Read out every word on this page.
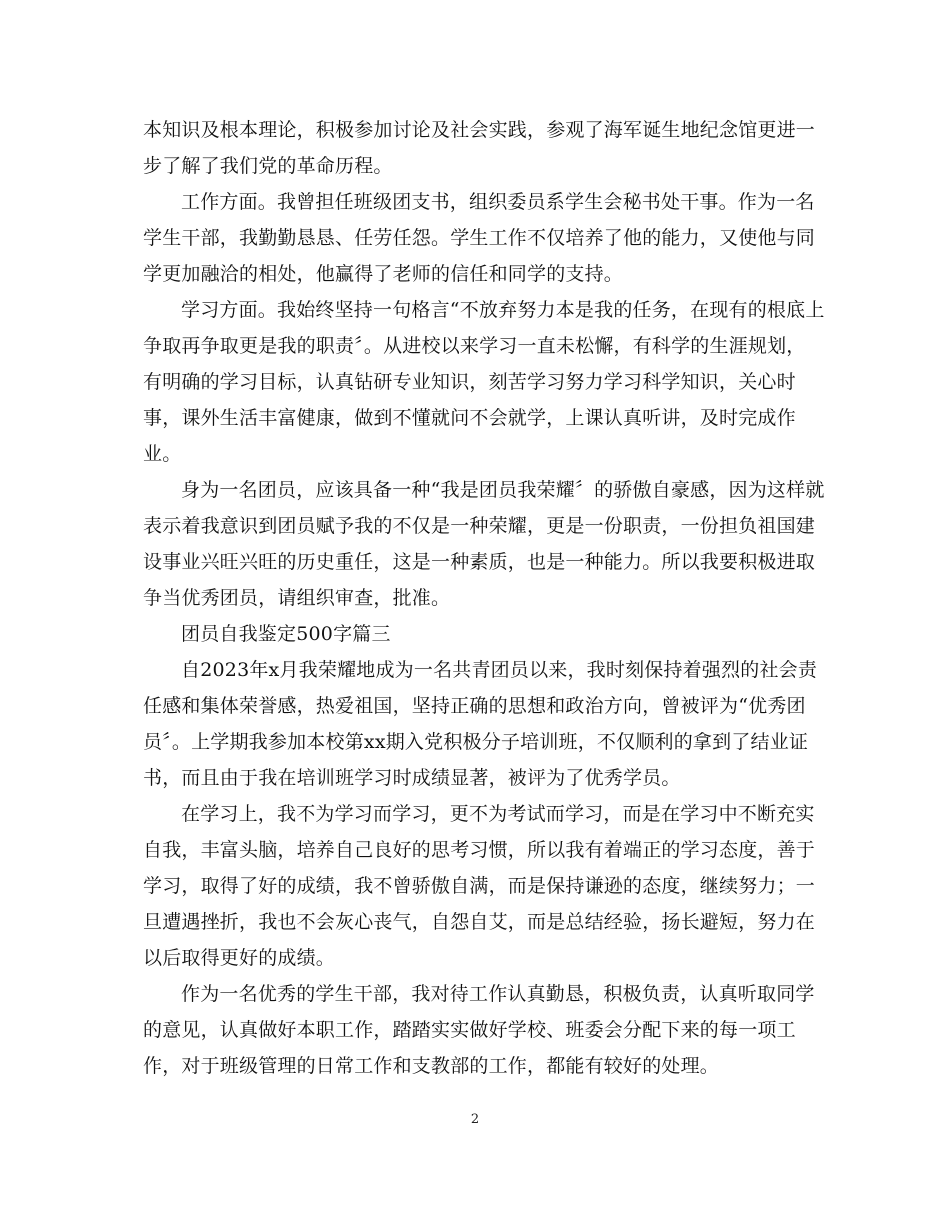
本知识及根本理论，积极参加讨论及社会实践，参观了海军诞生地纪念馆更进一
步了解了我们党的革命历程。
工作方面。我曾担任班级团支书，组织委员系学生会秘书处干事。作为一名
学生干部，我勤勤恳恳、任劳任怨。学生工作不仅培养了他的能力，又使他与同
学更加融洽的相处，他赢得了老师的信任和同学的支持。
学习方面。我始终坚持一句格言“不放弃努力本是我的任务，在现有的根底上
争取再争取更是我的职责〞。从进校以来学习一直未松懈，有科学的生涯规划，
有明确的学习目标，认真钻研专业知识，刻苦学习努力学习科学知识，关心时
事，课外生活丰富健康，做到不懂就问不会就学，上课认真听讲，及时完成作
业。
身为一名团员，应该具备一种“我是团员我荣耀〞的骄傲自豪感，因为这样就
表示着我意识到团员赋予我的不仅是一种荣耀，更是一份职责，一份担负祖国建
设事业兴旺兴旺的历史重任，这是一种素质，也是一种能力。所以我要积极进取
争当优秀团员，请组织审查，批准。
团员自我鉴定500字篇三
自2023年x月我荣耀地成为一名共青团员以来，我时刻保持着强烈的社会责
任感和集体荣誉感，热爱祖国，坚持正确的思想和政治方向，曾被评为“优秀团
员〞。上学期我参加本校第xx期入党积极分子培训班，不仅顺利的拿到了结业证
书，而且由于我在培训班学习时成绩显著，被评为了优秀学员。
在学习上，我不为学习而学习，更不为考试而学习，而是在学习中不断充实
自我，丰富头脑，培养自己良好的思考习惯，所以我有着端正的学习态度，善于
学习，取得了好的成绩，我不曾骄傲自满，而是保持谦逊的态度，继续努力；一
旦遭遇挫折，我也不会灰心丧气，自怨自艾，而是总结经验，扬长避短，努力在
以后取得更好的成绩。
作为一名优秀的学生干部，我对待工作认真勤恳，积极负责，认真听取同学
的意见，认真做好本职工作，踏踏实实做好学校、班委会分配下来的每一项工
作，对于班级管理的日常工作和支教部的工作，都能有较好的处理。
2
